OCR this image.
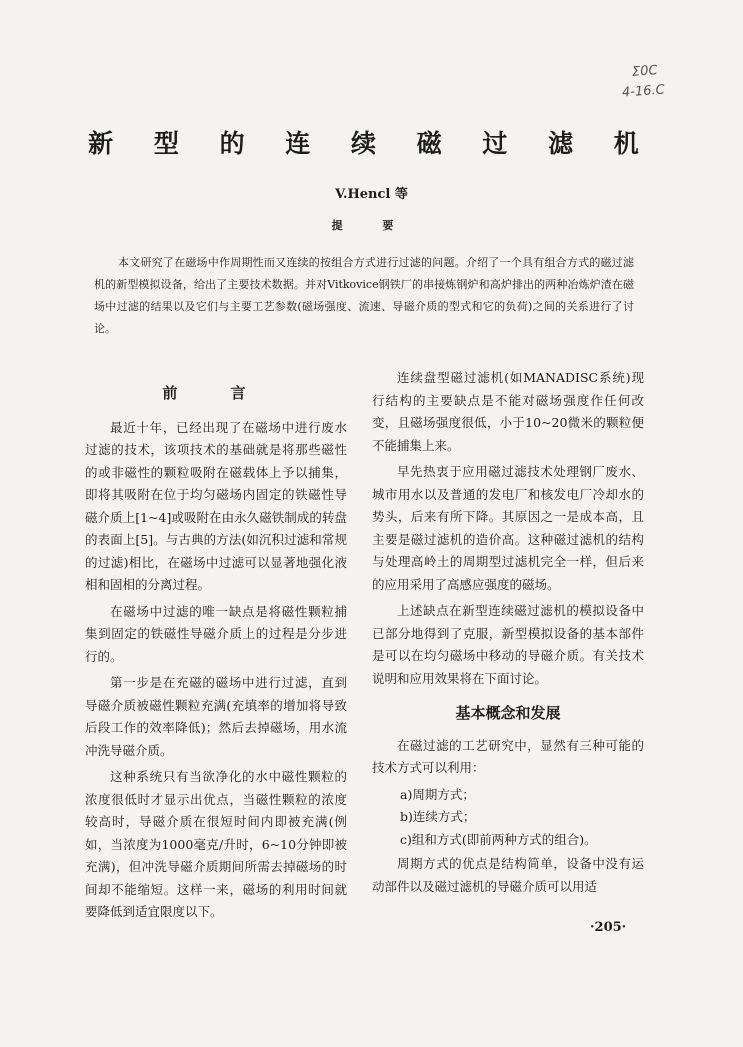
Σ0C
4-16.C
新 型 的 连 续 磁 过 滤 机
V.Hencl 等
提 要
本文研究了在磁场中作周期性而又连续的按组合方式进行过滤的问题。介绍了一个具有组合方式的磁过滤机的新型模拟设备，给出了主要技术数据。并对Vitkovice钢铁厂的串接炼钢炉和高炉排出的两种冶炼炉渣在磁场中过滤的结果以及它们与主要工艺参数(磁场强度、流速、导磁介质的型式和它的负荷)之间的关系进行了讨论。
前 言

最近十年，已经出现了在磁场中进行废水过滤的技术，该项技术的基础就是将那些磁性的或非磁性的颗粒吸附在磁载体上予以捕集，即将其吸附在位于均匀磁场内固定的铁磁性导磁介质上[1~4]或吸附在由永久磁铁制成的转盘的表面上[5]。与古典的方法(如沉积过滤和常规的过滤)相比，在磁场中过滤可以显著地强化液相和固相的分离过程。

在磁场中过滤的唯一缺点是将磁性颗粒捕集到固定的铁磁性导磁介质上的过程是分步进行的。

第一步是在充磁的磁场中进行过滤，直到导磁介质被磁性颗粒充满(充填率的增加将导致后段工作的效率降低)；然后去掉磁场，用水流冲洗导磁介质。

这种系统只有当欲净化的水中磁性颗粒的浓度很低时才显示出优点，当磁性颗粒的浓度较高时，导磁介质在很短时间内即被充满(例如，当浓度为1000毫克/升时，6~10分钟即被充满)，但冲洗导磁介质期间所需去掉磁场的时间却不能缩短。这样一来，磁场的利用时间就要降低到适宜限度以下。

连续盘型磁过滤机(如MANADISC系统)现行结构的主要缺点是不能对磁场强度作任何改变，且磁场强度很低，小于10~20微米的颗粒便不能捕集上来。

早先热衷于应用磁过滤技术处理钢厂废水、城市用水以及普通的发电厂和核发电厂冷却水的势头，后来有所下降。其原因之一是成本高，且主要是磁过滤机的造价高。这种磁过滤机的结构与处理高岭土的周期型过滤机完全一样，但后来的应用采用了高感应强度的磁场。

上述缺点在新型连续磁过滤机的模拟设备中已部分地得到了克服，新型模拟设备的基本部件是可以在均匀磁场中移动的导磁介质。有关技术说明和应用效果将在下面讨论。

基本概念和发展

在磁过滤的工艺研究中，显然有三种可能的技术方式可以利用：

a)周期方式；

b)连续方式；

c)组和方式(即前两种方式的组合)。

周期方式的优点是结构简单，设备中没有运动部件以及磁过滤机的导磁介质可以用适

·205·
